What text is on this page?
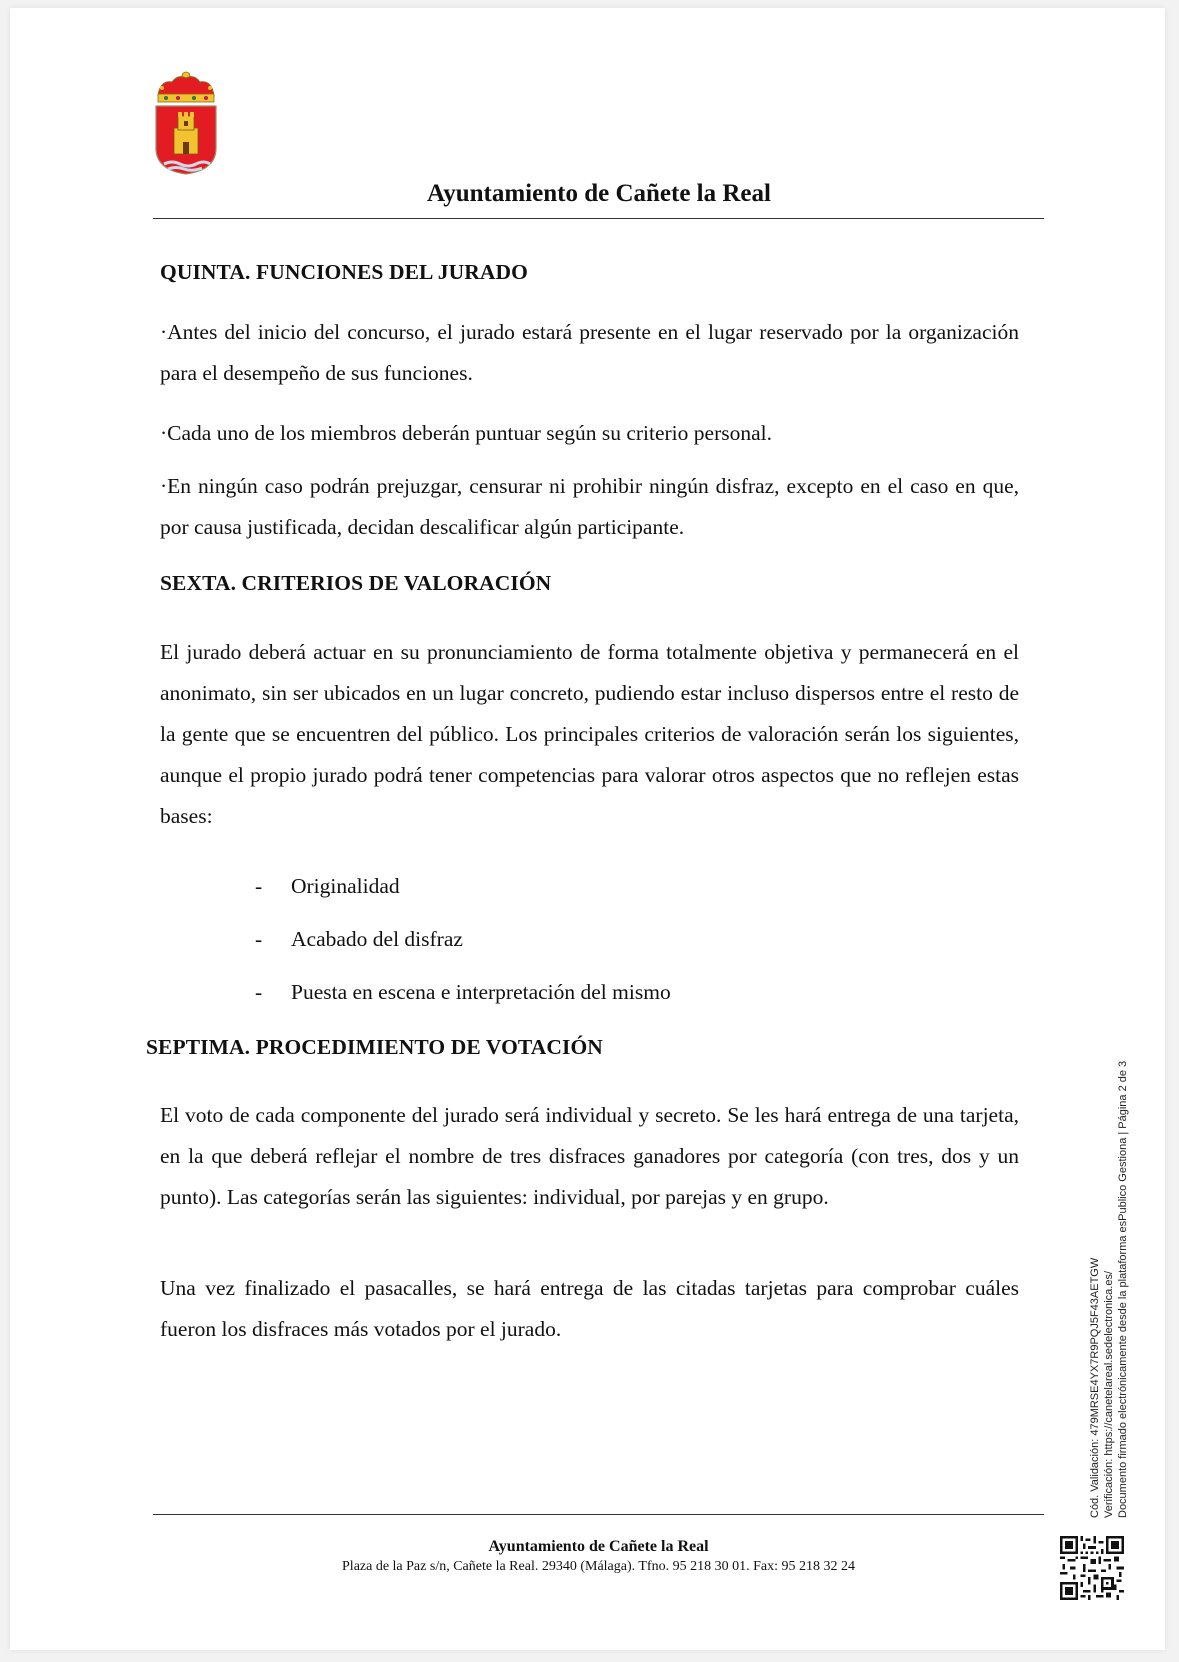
Ayuntamiento de Cañete la Real
QUINTA. FUNCIONES DEL JURADO
·Antes del inicio del concurso, el jurado estará presente en el lugar reservado por la organización para el desempeño de sus funciones.
·Cada uno de los miembros deberán puntuar según su criterio personal.
·En ningún caso podrán prejuzgar, censurar ni prohibir ningún disfraz, excepto en el caso en que, por causa justificada, decidan descalificar algún participante.
SEXTA. CRITERIOS DE VALORACIÓN
El jurado deberá actuar en su pronunciamiento de forma totalmente objetiva y permanecerá en el anonimato, sin ser ubicados en un lugar concreto, pudiendo estar incluso dispersos entre el resto de la gente que se encuentren del público. Los principales criterios de valoración serán los siguientes, aunque el propio jurado podrá tener competencias para valorar otros aspectos que no reflejen estas bases:
- Originalidad
- Acabado del disfraz
- Puesta en escena e interpretación del mismo
SEPTIMA. PROCEDIMIENTO DE VOTACIÓN
El voto de cada componente del jurado será individual y secreto. Se les hará entrega de una tarjeta, en la que deberá reflejar el nombre de tres disfraces ganadores por categoría (con tres, dos y un punto). Las categorías serán las siguientes: individual, por parejas y en grupo.
Una vez finalizado el pasacalles, se hará entrega de las citadas tarjetas para comprobar cuáles fueron los disfraces más votados por el jurado.
Ayuntamiento de Cañete la Real
Plaza de la Paz s/n, Cañete la Real. 29340 (Málaga). Tfno. 95 218 30 01. Fax: 95 218 32 24
Cód. Validación: 479MRSE4YX7R9PQJ5F43AETGW Verificación: https://canetelareal.sedelectronica.es/ Documento firmado electrónicamente desde la plataforma esPublico Gestiona | Página 2 de 3
